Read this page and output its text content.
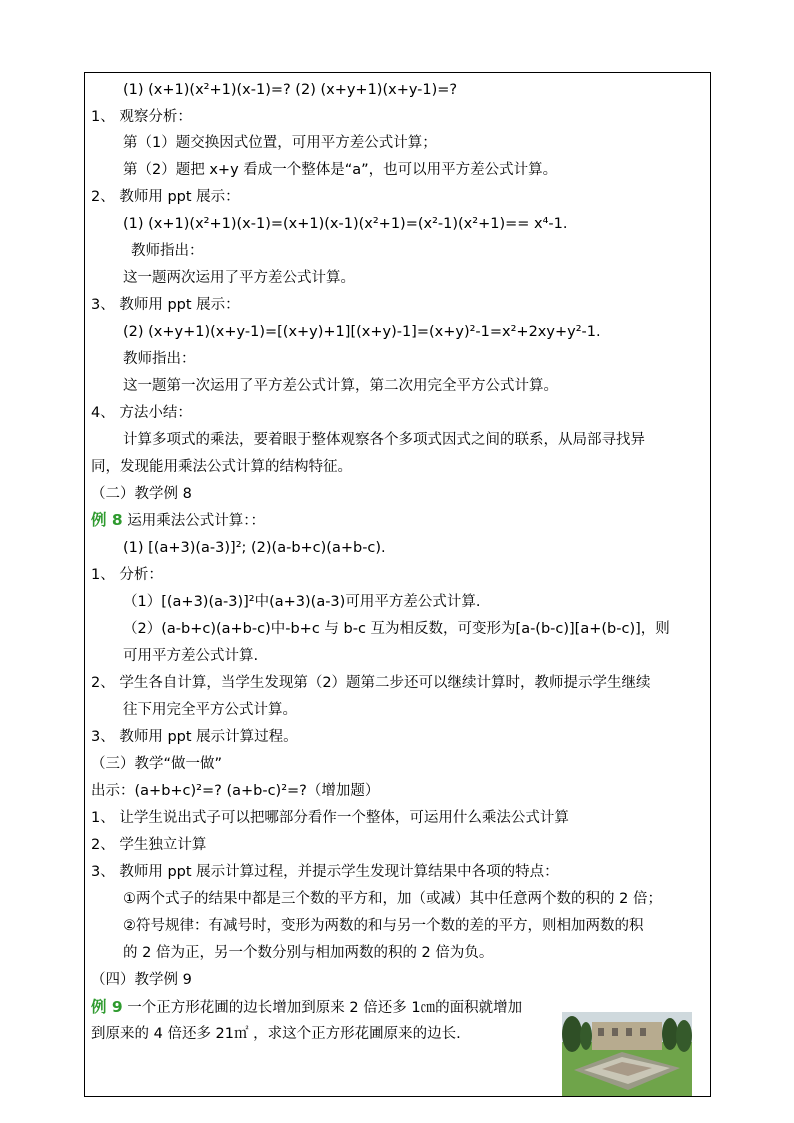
(1) (x+1)(x²+1)(x-1)=? (2) (x+y+1)(x+y-1)=?
1、 观察分析：
第（1）题交换因式位置，可用平方差公式计算；
第（2）题把 x+y 看成一个整体是“a”，也可以用平方差公式计算。
2、 教师用 ppt 展示：
(1) (x+1)(x²+1)(x-1)=(x+1)(x-1)(x²+1)=(x²-1)(x²+1)== x⁴-1.
教师指出：
这一题两次运用了平方差公式计算。
3、 教师用 ppt 展示：
(2) (x+y+1)(x+y-1)=[(x+y)+1][(x+y)-1]=(x+y)²-1=x²+2xy+y²-1.
教师指出：
这一题第一次运用了平方差公式计算，第二次用完全平方公式计算。
4、 方法小结：
计算多项式的乘法，要着眼于整体观察各个多项式因式之间的联系，从局部寻找异
同，发现能用乘法公式计算的结构特征。
（二）教学例 8
例 8 运用乘法公式计算：：
(1) [(a+3)(a-3)]²; (2)(a-b+c)(a+b-c).
1、 分析：
（1）[(a+3)(a-3)]²中(a+3)(a-3)可用平方差公式计算.
（2）(a-b+c)(a+b-c)中-b+c 与 b-c 互为相反数，可变形为[a-(b-c)][a+(b-c)]，则
可用平方差公式计算.
2、 学生各自计算，当学生发现第（2）题第二步还可以继续计算时，教师提示学生继续
往下用完全平方公式计算。
3、 教师用 ppt 展示计算过程。
（三）教学“做一做”
出示：(a+b+c)²=? (a+b-c)²=?（增加题）
1、 让学生说出式子可以把哪部分看作一个整体，可运用什么乘法公式计算
2、 学生独立计算
3、 教师用 ppt 展示计算过程，并提示学生发现计算结果中各项的特点：
①两个式子的结果中都是三个数的平方和，加（或减）其中任意两个数的积的 2 倍；
②符号规律：有减号时，变形为两数的和与另一个数的差的平方，则相加两数的积
的 2 倍为正，另一个数分别与相加两数的积的 2 倍为负。
（四）教学例 9
例 9 一个正方形花圃的边长增加到原来 2 倍还多 1㎝的面积就增加
到原来的 4 倍还多 21㎡ ，求这个正方形花圃原来的边长.
